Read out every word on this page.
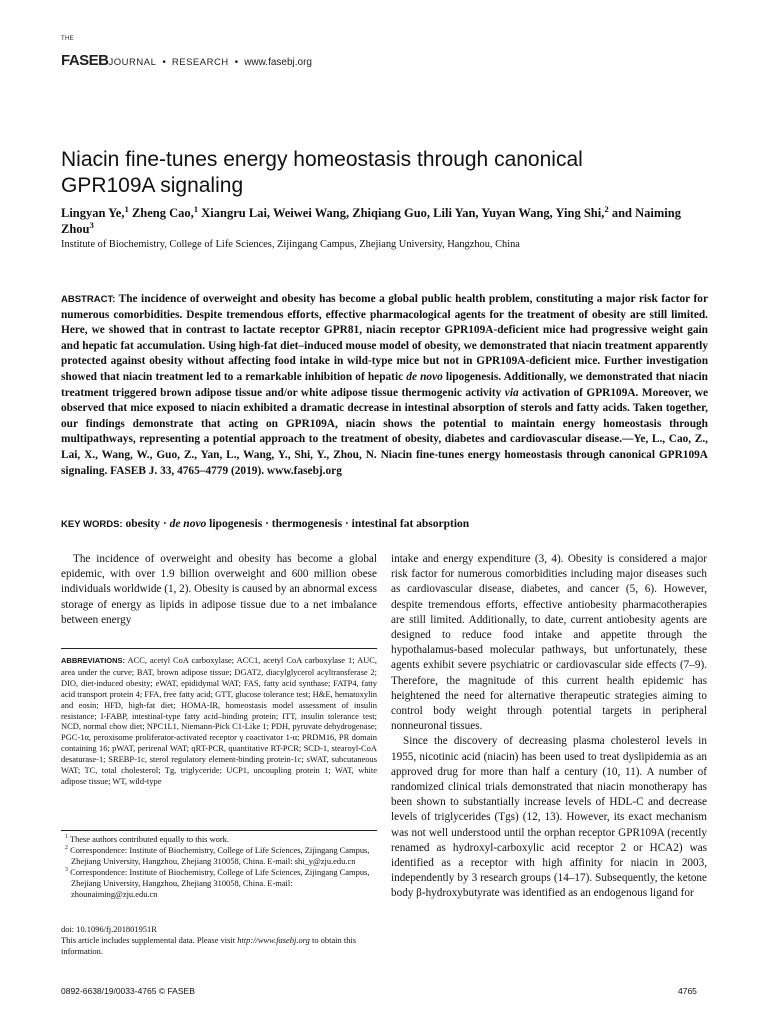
THE
FASEBJOURNAL • RESEARCH • www.fasebj.org
Niacin fine-tunes energy homeostasis through canonical GPR109A signaling
Lingyan Ye,$^1$ Zheng Cao,$^1$ Xiangru Lai, Weiwei Wang, Zhiqiang Guo, Lili Yan, Yuyan Wang, Ying Shi,$^2$ and Naiming Zhou$^3$
Institute of Biochemistry, College of Life Sciences, Zijingang Campus, Zhejiang University, Hangzhou, China
ABSTRACT: The incidence of overweight and obesity has become a global public health problem, constituting a major risk factor for numerous comorbidities. Despite tremendous efforts, effective pharmacological agents for the treatment of obesity are still limited. Here, we showed that in contrast to lactate receptor GPR81, niacin receptor GPR109A-deficient mice had progressive weight gain and hepatic fat accumulation. Using high-fat diet–induced mouse model of obesity, we demonstrated that niacin treatment apparently protected against obesity without affecting food intake in wild-type mice but not in GPR109A-deficient mice. Further investigation showed that niacin treatment led to a remarkable inhibition of hepatic de novo lipogenesis. Additionally, we demonstrated that niacin treatment triggered brown adipose tissue and/or white adipose tissue thermogenic activity via activation of GPR109A. Moreover, we observed that mice exposed to niacin exhibited a dramatic decrease in intestinal absorption of sterols and fatty acids. Taken together, our findings demonstrate that acting on GPR109A, niacin shows the potential to maintain energy homeostasis through multipathways, representing a potential approach to the treatment of obesity, diabetes and cardiovascular disease.—Ye, L., Cao, Z., Lai, X., Wang, W., Guo, Z., Yan, L., Wang, Y., Shi, Y., Zhou, N. Niacin fine-tunes energy homeostasis through canonical GPR109A signaling. FASEB J. 33, 4765–4779 (2019). www.fasebj.org
KEY WORDS: obesity · de novo lipogenesis · thermogenesis · intestinal fat absorption

The incidence of overweight and obesity has become a global epidemic, with over 1.9 billion overweight and 600 million obese individuals worldwide (1, 2). Obesity is caused by an abnormal excess storage of energy as lipids in adipose tissue due to a net imbalance between energy

ABBREVIATIONS: ACC, acetyl CoA carboxylase; ACC1, acetyl CoA carboxylase 1; AUC, area under the curve; BAT, brown adipose tissue; DGAT2, diacylglycerol acyltransferase 2; DIO, diet-induced obesity; eWAT, epididymal WAT; FAS, fatty acid synthase; FATP4, fatty acid transport protein 4; FFA, free fatty acid; GTT, glucose tolerance test; H&E, hematoxylin and eosin; HFD, high-fat diet; HOMA-IR, homeostasis model assessment of insulin resistance; I-FABP, intestinal-type fatty acid–binding protein; ITT, insulin tolerance test; NCD, normal chow diet; NPC1L1, Niemann-Pick C1-Like 1; PDH, pyruvate dehydrogenase; PGC-1α, peroxisome proliferator-activated receptor γ coactivator 1-α; PRDM16, PR domain containing 16; pWAT, perirenal WAT; qRT-PCR, quantitative RT-PCR; SCD-1, stearoyl-CoA desaturase-1; SREBP-1c, sterol regulatory element-binding protein-1c; sWAT, subcutaneous WAT; TC, total cholesterol; Tg, triglyceride; UCP1, uncoupling protein 1; WAT, white adipose tissue; WT, wild-type

$^1$ These authors contributed equally to this work.

$^2$ Correspondence: Institute of Biochemistry, College of Life Sciences, Zijingang Campus, Zhejiang University, Hangzhou, Zhejiang 310058, China. E-mail: shi_y@zju.edu.cn

$^3$ Correspondence: Institute of Biochemistry, College of Life Sciences, Zijingang Campus, Zhejiang University, Hangzhou, Zhejiang 310058, China. E-mail: zhounaiming@zju.edu.cn

doi: 10.1096/fj.201801951R

This article includes supplemental data. Please visit http://www.fasebj.org to obtain this information.

intake and energy expenditure (3, 4). Obesity is considered a major risk factor for numerous comorbidities including major diseases such as cardiovascular disease, diabetes, and cancer (5, 6). However, despite tremendous efforts, effective antiobesity pharmacotherapies are still limited. Additionally, to date, current antiobesity agents are designed to reduce food intake and appetite through the hypothalamus-based molecular pathways, but unfortunately, these agents exhibit severe psychiatric or cardiovascular side effects (7–9). Therefore, the magnitude of this current health epidemic has heightened the need for alternative therapeutic strategies aiming to control body weight through potential targets in peripheral nonneuronal tissues.

Since the discovery of decreasing plasma cholesterol levels in 1955, nicotinic acid (niacin) has been used to treat dyslipidemia as an approved drug for more than half a century (10, 11). A number of randomized clinical trials demonstrated that niacin monotherapy has been shown to substantially increase levels of HDL-C and decrease levels of triglycerides (Tgs) (12, 13). However, its exact mechanism was not well understood until the orphan receptor GPR109A (recently renamed as hydroxyl-carboxylic acid receptor 2 or HCA2) was identified as a receptor with high affinity for niacin in 2003, independently by 3 research groups (14–17). Subsequently, the ketone body β-hydroxybutyrate was identified as an endogenous ligand for

0892-6638/19/0033-4765 © FASEB	4765
